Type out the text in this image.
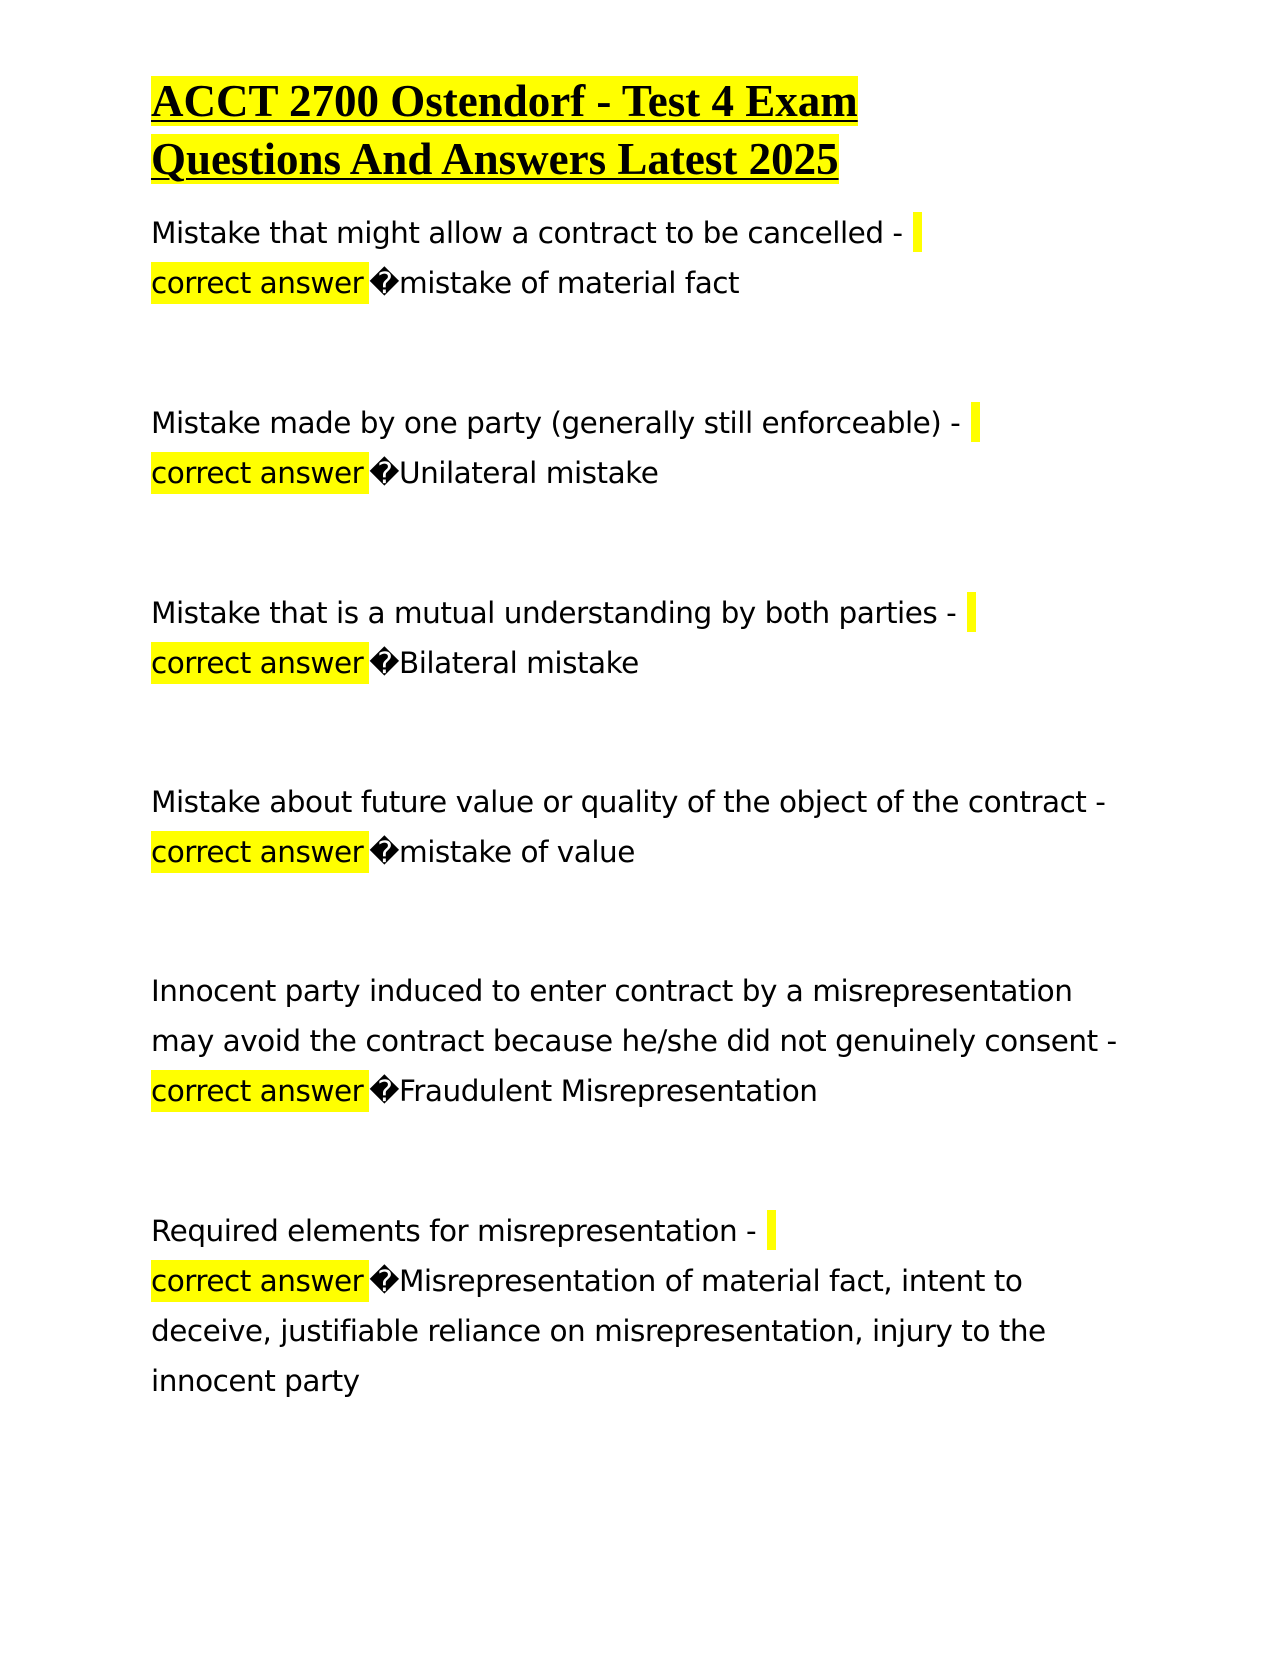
ACCT 2700 Ostendorf - Test 4 Exam
Questions And Answers Latest 2025
Mistake that might allow a contract to be cancelled -
correct answer�mistake of material fact
Mistake made by one party (generally still enforceable) -
correct answer�Unilateral mistake
Mistake that is a mutual understanding by both parties -
correct answer�Bilateral mistake
Mistake about future value or quality of the object of the contract -
correct answer�mistake of value
Innocent party induced to enter contract by a misrepresentation
may avoid the contract because he/she did not genuinely consent -
correct answer�Fraudulent Misrepresentation
Required elements for misrepresentation -
correct answer�Misrepresentation of material fact, intent to
deceive, justifiable reliance on misrepresentation, injury to the
innocent party
